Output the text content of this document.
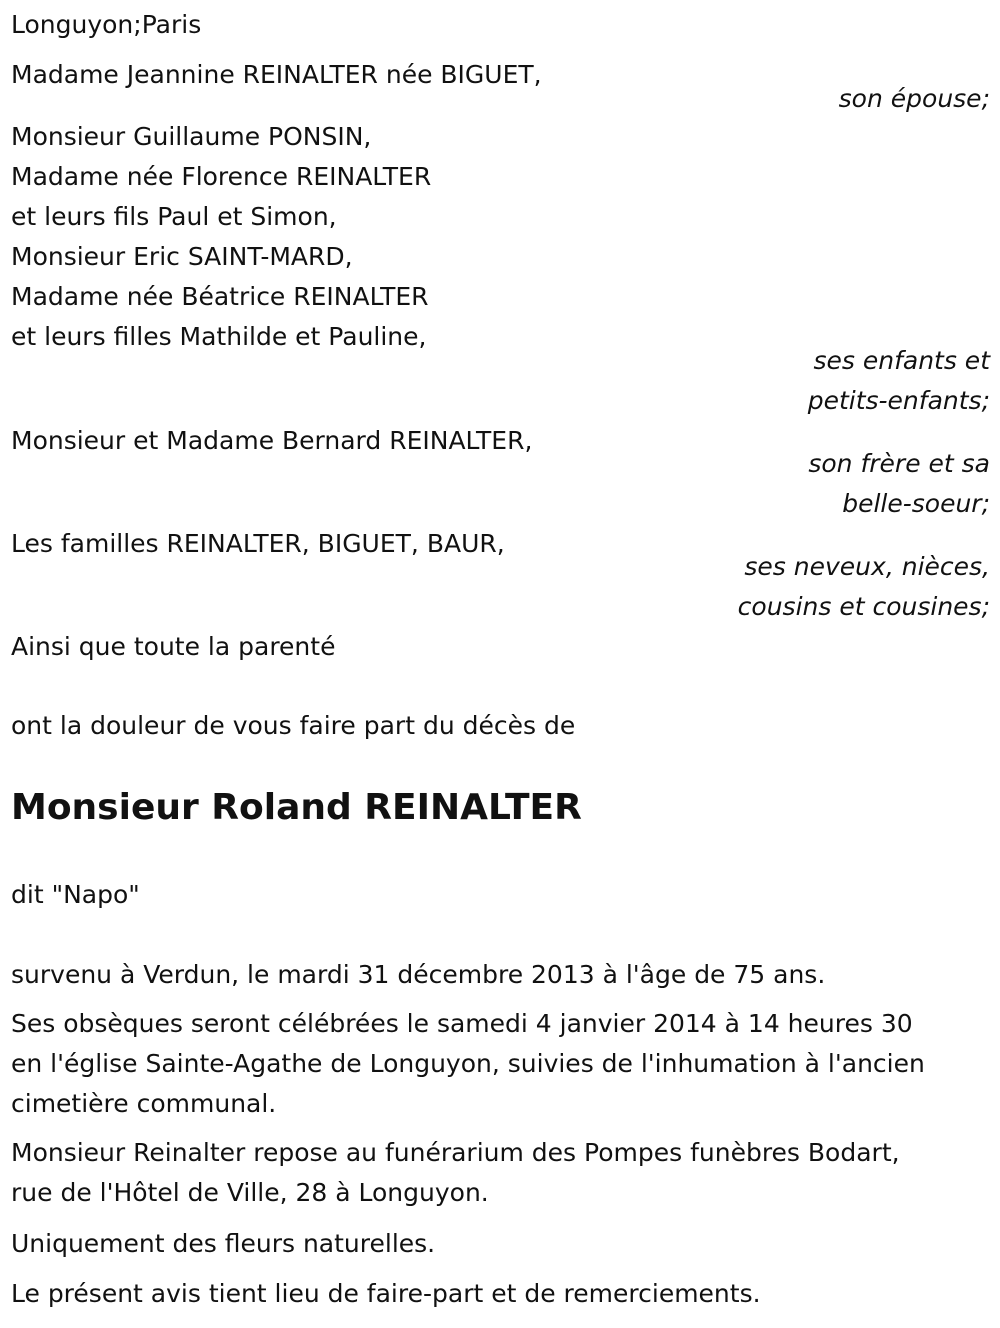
Longuyon;Paris

Madame Jeannine REINALTER née BIGUET,

son épouse;

Monsieur Guillaume PONSIN,
Madame née Florence REINALTER
et leurs fils Paul et Simon,
Monsieur Eric SAINT-MARD,
Madame née Béatrice REINALTER
et leurs filles Mathilde et Pauline,

ses enfants et
petits-enfants;

Monsieur et Madame Bernard REINALTER,

son frère et sa
belle-soeur;

Les familles REINALTER, BIGUET, BAUR,

ses neveux, nièces,
cousins et cousines;

Ainsi que toute la parenté

ont la douleur de vous faire part du décès de

Monsieur Roland REINALTER

dit "Napo"

survenu à Verdun, le mardi 31 décembre 2013 à l'âge de 75 ans.

Ses obsèques seront célébrées le samedi 4 janvier 2014 à 14 heures 30
en l'église Sainte-Agathe de Longuyon, suivies de l'inhumation à l'ancien
cimetière communal.

Monsieur Reinalter repose au funérarium des Pompes funèbres Bodart,
rue de l'Hôtel de Ville, 28 à Longuyon.

Uniquement des fleurs naturelles.

Le présent avis tient lieu de faire-part et de remerciements.
